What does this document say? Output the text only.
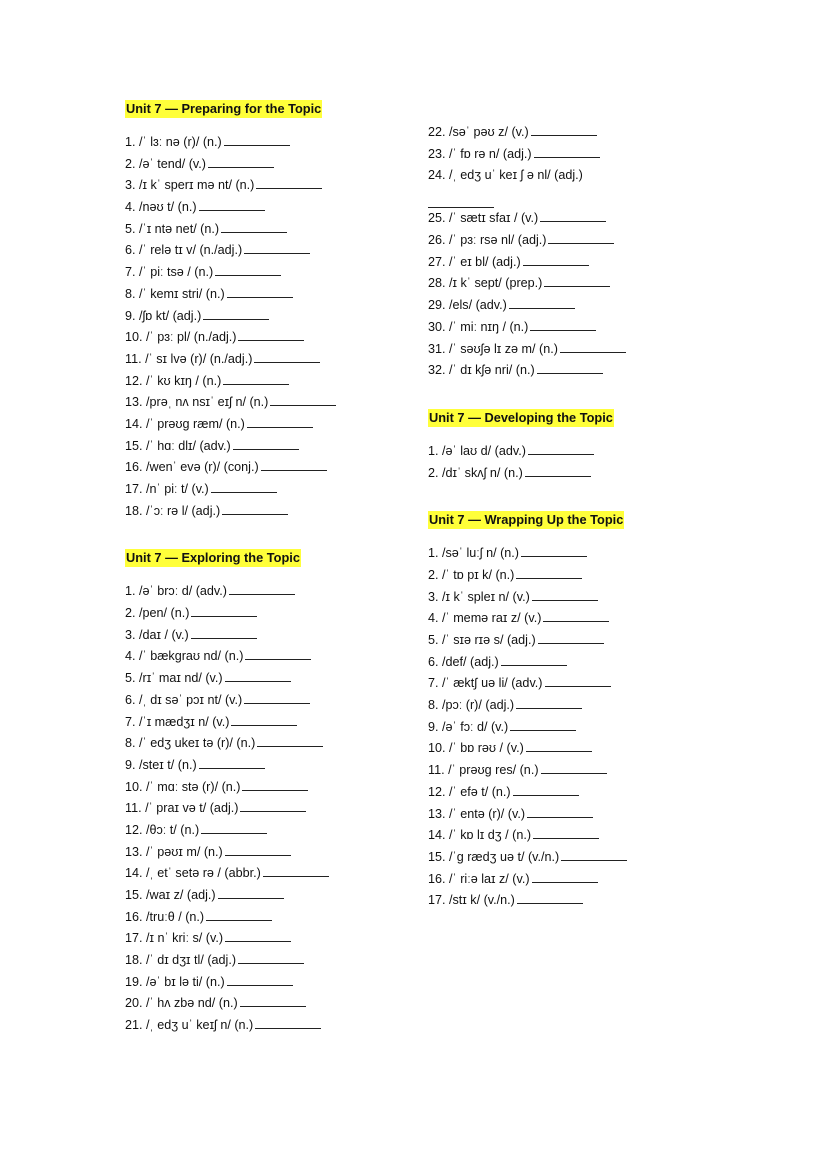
Unit 7 ― Preparing for the Topic
1. /ˈ lɜː nə (r)/ (n.)
2. /əˈ tend/ (v.)
3. /ɪ kˈ sperɪ mə nt/ (n.)
4. /nəʊ t/ (n.)
5. /ˈɪ ntə net/ (n.)
6. /ˈ relə tɪ v/ (n./adj.)
7. /ˈ piː tsə / (n.)
8. /ˈ kemɪ stri/ (n.)
9. /ʃɒ kt/ (adj.)
10. /ˈ pɜː pl/ (n./adj.)
11. /ˈ sɪ lvə (r)/ (n./adj.)
12. /ˈ kʊ kɪŋ / (n.)
13. /prəˌ nʌ nsɪˈ eɪʃ n/ (n.)
14. /ˈ prəʊɡ ræm/ (n.)
15. /ˈ hɑː dlɪ/ (adv.)
16. /wenˈ evə (r)/ (conj.)
17. /nˈ piː t/ (v.)
18. /ˈɔː rə l/ (adj.)
Unit 7 ― Exploring the Topic
1. /əˈ brɔː d/ (adv.)
2. /pen/ (n.)
3. /daɪ / (v.)
4. /ˈ bækɡraʊ nd/ (n.)
5. /rɪˈ maɪ nd/ (v.)
6. /ˌ dɪ səˈ pɔɪ nt/ (v.)
7. /ˈɪ mædʒɪ n/ (v.)
8. /ˈ edʒ ukeɪ tə (r)/ (n.)
9. /steɪ t/ (n.)
10. /ˈ mɑː stə (r)/ (n.)
11. /ˈ praɪ və t/ (adj.)
12. /θɔː t/ (n.)
13. /ˈ pəʊɪ m/ (n.)
14. /ˌ etˈ setə rə / (abbr.)
15. /waɪ z/ (adj.)
16. /truːθ / (n.)
17. /ɪ nˈ kriː s/ (v.)
18. /ˈ dɪ dʒɪ tl/ (adj.)
19. /əˈ bɪ lə ti/ (n.)
20. /ˈ hʌ zbə nd/ (n.)
21. /ˌ edʒ uˈ keɪʃ n/ (n.)
22. /səˈ pəʊ z/ (v.)
23. /ˈ fɒ rə n/ (adj.)
24. /ˌ edʒ uˈ keɪ ʃ ə nl/ (adj.)
25. /ˈ sætɪ sfaɪ / (v.)
26. /ˈ pɜː rsə nl/ (adj.)
27. /ˈ eɪ bl/ (adj.)
28. /ɪ kˈ sept/ (prep.)
29. /els/ (adv.)
30. /ˈ miː nɪŋ / (n.)
31. /ˈ səʊʃə lɪ zə m/ (n.)
32. /ˈ dɪ kʃə nri/ (n.)
Unit 7 ― Developing the Topic
1. /əˈ laʊ d/ (adv.)
2. /dɪˈ skʌʃ n/ (n.)
Unit 7 ― Wrapping Up the Topic
1. /səˈ luːʃ n/ (n.)
2. /ˈ tɒ pɪ k/ (n.)
3. /ɪ kˈ spleɪ n/ (v.)
4. /ˈ memə raɪ z/ (v.)
5. /ˈ sɪə rɪə s/ (adj.)
6. /def/ (adj.)
7. /ˈ ækt∫ uə li/ (adv.)
8. /pɔː (r)/ (adj.)
9. /əˈ fɔː d/ (v.)
10. /ˈ bɒ rəʊ / (v.)
11. /ˈ prəʊɡ res/ (n.)
12. /ˈ efə t/ (n.)
13. /ˈ entə (r)/ (v.)
14. /ˈ kɒ lɪ dʒ / (n.)
15. /ˈɡ rædʒ uə t/ (v./n.)
16. /ˈ riːə laɪ z/ (v.)
17. /stɪ k/ (v./n.)
